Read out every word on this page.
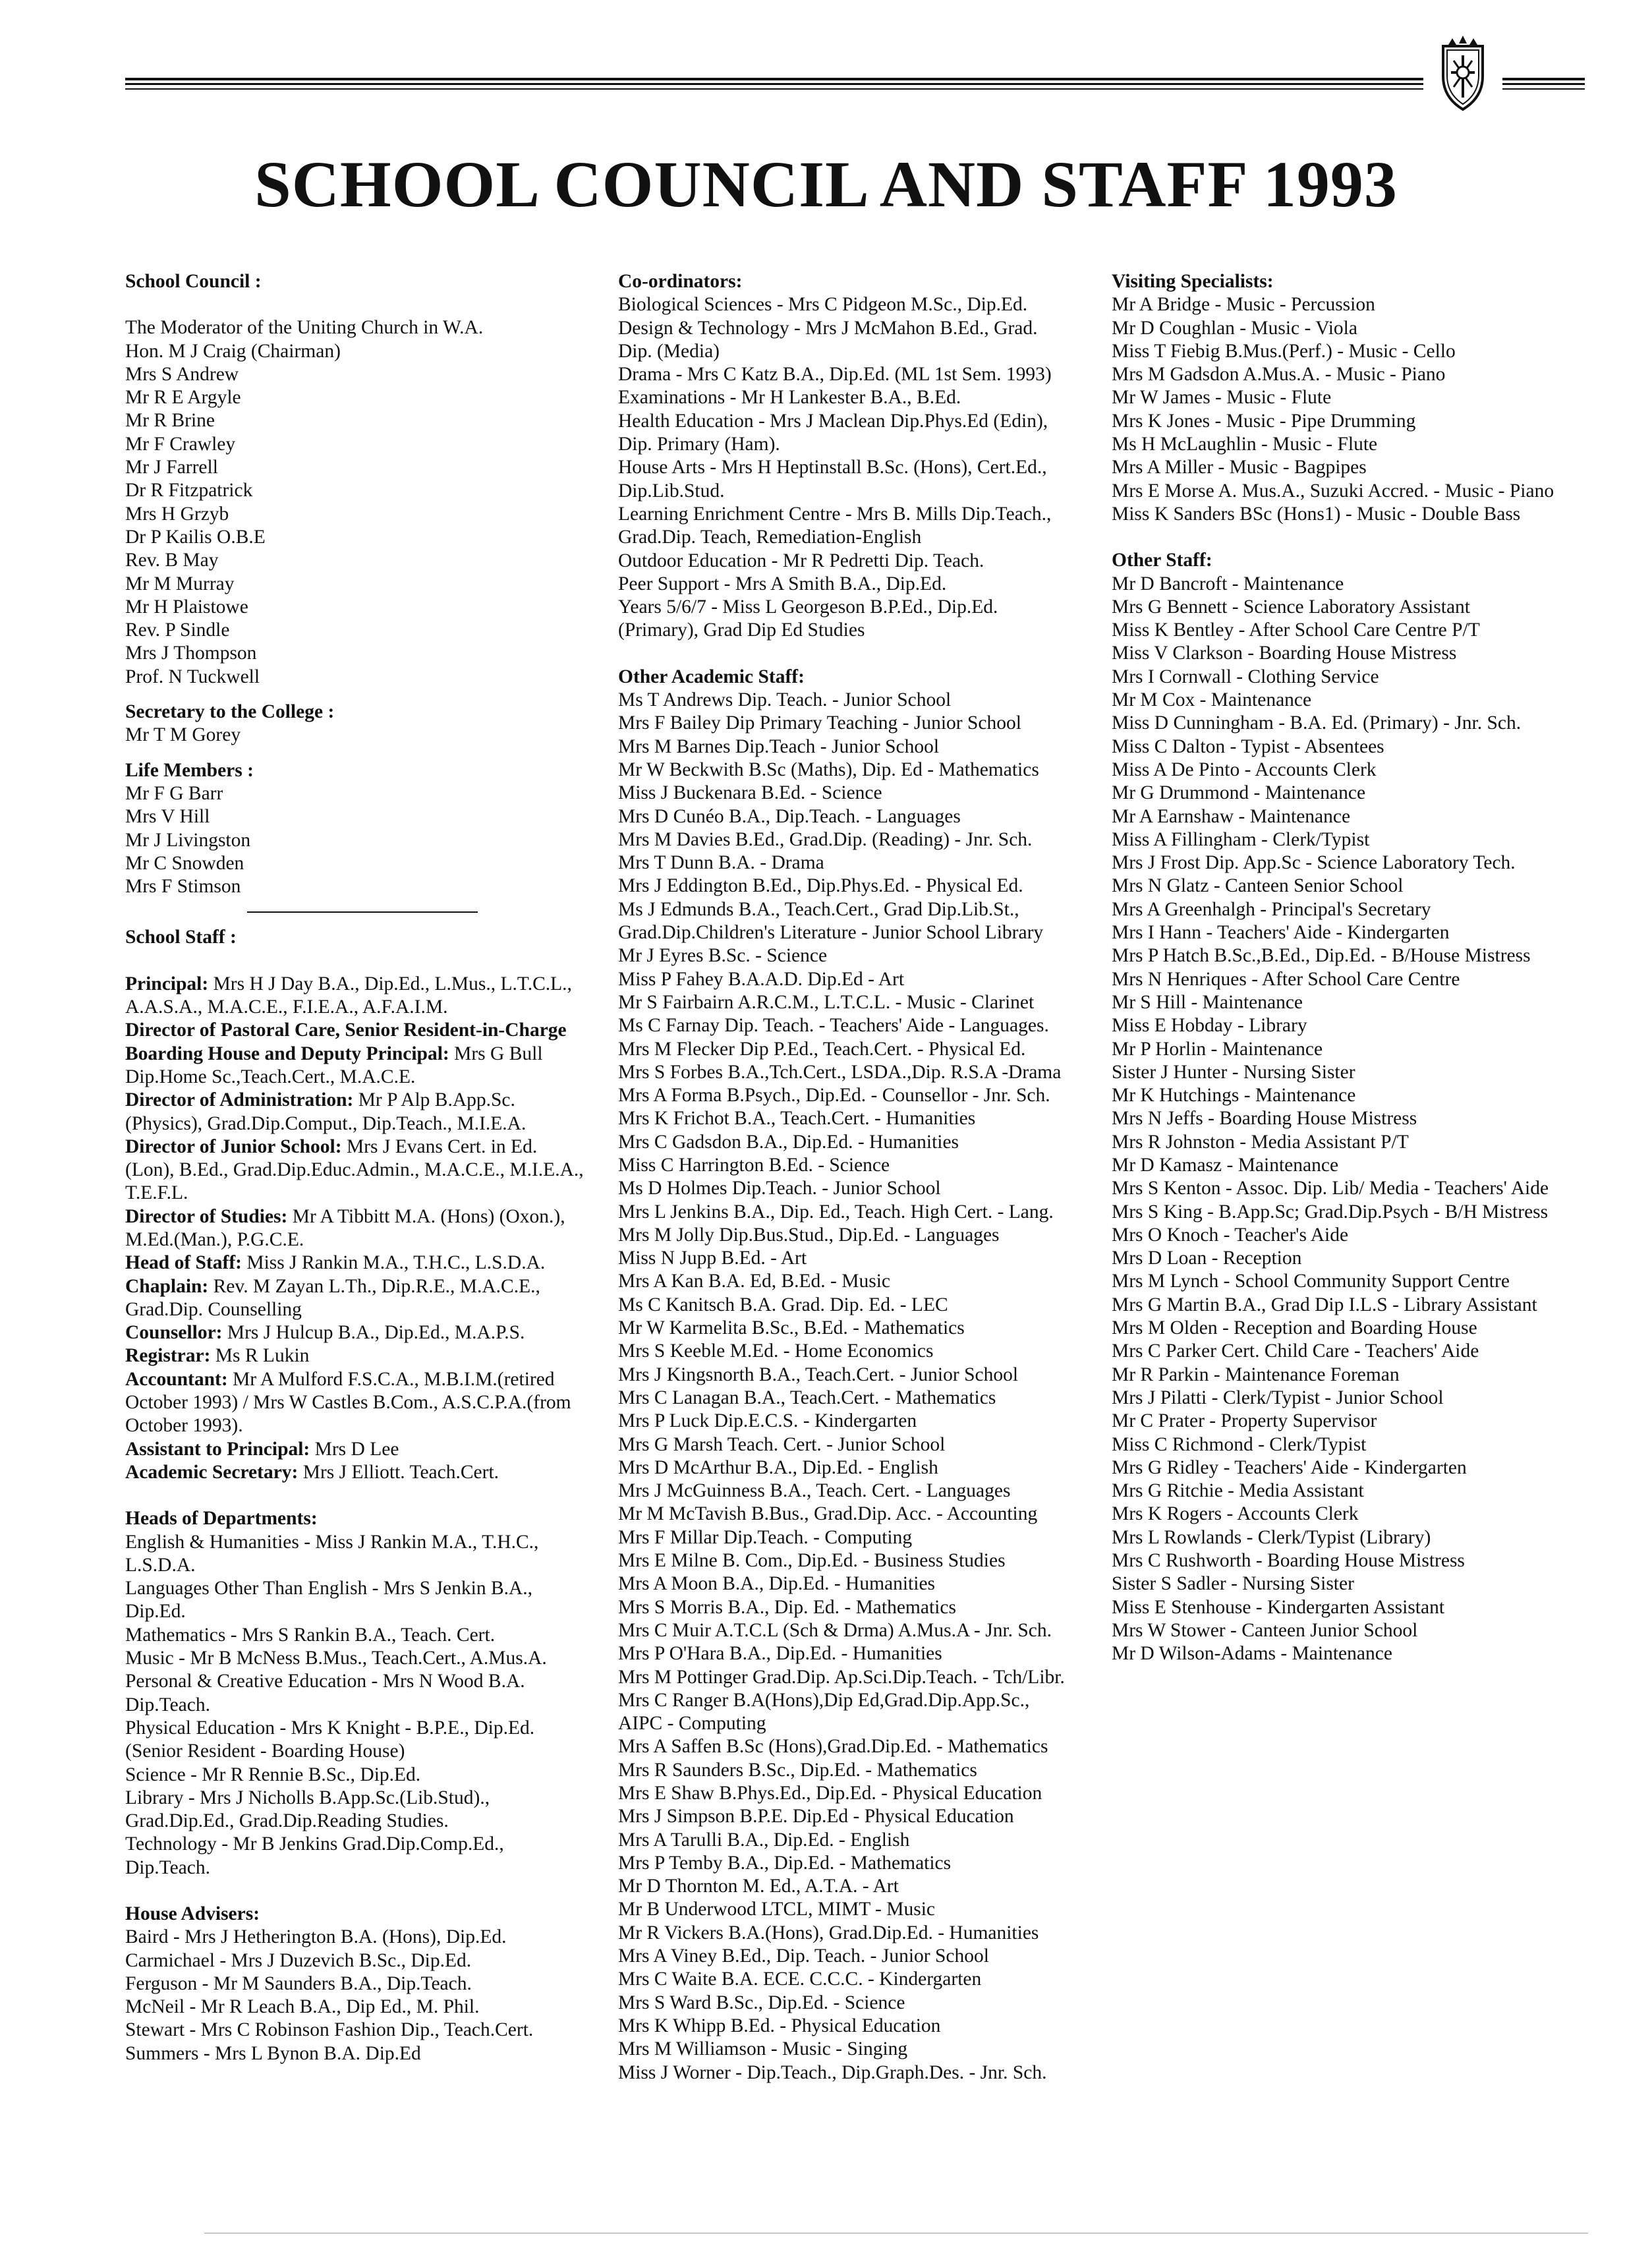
SCHOOL COUNCIL AND STAFF 1993
School Council :
The Moderator of the Uniting Church in W.A.
Hon. M J Craig (Chairman)
Mrs S Andrew
Mr R E Argyle
Mr R Brine
Mr F Crawley
Mr J Farrell
Dr R Fitzpatrick
Mrs H Grzyb
Dr P Kailis O.B.E
Rev. B May
Mr M Murray
Mr H Plaistowe
Rev. P Sindle
Mrs J Thompson
Prof. N Tuckwell
Secretary to the College :
Mr T M Gorey
Life Members :
Mr F G Barr
Mrs V Hill
Mr J Livingston
Mr C Snowden
Mrs F Stimson
School Staff :
Principal: Mrs H J Day B.A., Dip.Ed., L.Mus., L.T.C.L., A.A.S.A., M.A.C.E., F.I.E.A., A.F.A.I.M.
Director of Pastoral Care, Senior Resident-in-Charge Boarding House and Deputy Principal: Mrs G Bull Dip.Home Sc.,Teach.Cert., M.A.C.E.
Director of Administration: Mr P Alp B.App.Sc. (Physics), Grad.Dip.Comput., Dip.Teach., M.I.E.A.
Director of Junior School: Mrs J Evans Cert. in Ed. (Lon), B.Ed., Grad.Dip.Educ.Admin., M.A.C.E., M.I.E.A., T.E.F.L.
Director of Studies: Mr A Tibbitt M.A. (Hons) (Oxon.), M.Ed.(Man.), P.G.C.E.
Head of Staff: Miss J Rankin M.A., T.H.C., L.S.D.A.
Chaplain: Rev. M Zayan L.Th., Dip.R.E., M.A.C.E., Grad.Dip. Counselling
Counsellor: Mrs J Hulcup B.A., Dip.Ed., M.A.P.S.
Registrar: Ms R Lukin
Accountant: Mr A Mulford F.S.C.A., M.B.I.M.(retired October 1993) / Mrs W Castles B.Com., A.S.C.P.A.(from October 1993).
Assistant to Principal: Mrs D Lee
Academic Secretary: Mrs J Elliott. Teach.Cert.
Heads of Departments:
English & Humanities - Miss J Rankin M.A., T.H.C., L.S.D.A.
Languages Other Than English - Mrs S Jenkin B.A., Dip.Ed.
Mathematics - Mrs S Rankin B.A., Teach. Cert.
Music - Mr B McNess B.Mus., Teach.Cert., A.Mus.A.
Personal & Creative Education - Mrs N Wood B.A. Dip.Teach.
Physical Education - Mrs K Knight - B.P.E., Dip.Ed. (Senior Resident - Boarding House)
Science - Mr R Rennie B.Sc., Dip.Ed.
Library - Mrs J Nicholls B.App.Sc.(Lib.Stud)., Grad.Dip.Ed., Grad.Dip.Reading Studies.
Technology - Mr B Jenkins Grad.Dip.Comp.Ed., Dip.Teach.
House Advisers:
Baird - Mrs J Hetherington B.A. (Hons), Dip.Ed.
Carmichael - Mrs J Duzevich B.Sc., Dip.Ed.
Ferguson - Mr M Saunders B.A., Dip.Teach.
McNeil - Mr R Leach B.A., Dip Ed., M. Phil.
Stewart - Mrs C Robinson Fashion Dip., Teach.Cert.
Summers - Mrs L Bynon B.A. Dip.Ed
Co-ordinators:
Biological Sciences - Mrs C Pidgeon M.Sc., Dip.Ed.
Design & Technology - Mrs J McMahon B.Ed., Grad.
Dip. (Media)
Drama - Mrs C Katz B.A., Dip.Ed. (ML 1st Sem. 1993)
Examinations - Mr H Lankester B.A., B.Ed.
Health Education - Mrs J Maclean Dip.Phys.Ed (Edin),
Dip. Primary (Ham).
House Arts - Mrs H Heptinstall B.Sc. (Hons), Cert.Ed.,
Dip.Lib.Stud.
Learning Enrichment Centre - Mrs B. Mills Dip.Teach.,
Grad.Dip. Teach, Remediation-English
Outdoor Education - Mr R Pedretti Dip. Teach.
Peer Support - Mrs A Smith B.A., Dip.Ed.
Years 5/6/7 - Miss L Georgeson B.P.Ed., Dip.Ed.
(Primary), Grad Dip Ed Studies
Other Academic Staff:
Ms T Andrews Dip. Teach. - Junior School
Mrs F Bailey Dip Primary Teaching - Junior School
Mrs M Barnes Dip.Teach - Junior School
Mr W Beckwith B.Sc (Maths), Dip. Ed - Mathematics
Miss J Buckenara B.Ed. - Science
Mrs D Cunéo B.A., Dip.Teach. - Languages
Mrs M Davies B.Ed., Grad.Dip. (Reading) - Jnr. Sch.
Mrs T Dunn B.A. - Drama
Mrs J Eddington B.Ed., Dip.Phys.Ed. - Physical Ed.
Ms J Edmunds B.A., Teach.Cert., Grad Dip.Lib.St.,
Grad.Dip.Children's Literature - Junior School Library
Mr J Eyres B.Sc. - Science
Miss P Fahey B.A.A.D. Dip.Ed - Art
Mr S Fairbairn A.R.C.M., L.T.C.L. - Music - Clarinet
Ms C Farnay Dip. Teach. - Teachers' Aide - Languages.
Mrs M Flecker Dip P.Ed., Teach.Cert. - Physical Ed.
Mrs S Forbes B.A.,Tch.Cert., LSDA.,Dip. R.S.A -Drama
Mrs A Forma B.Psych., Dip.Ed. - Counsellor - Jnr. Sch.
Mrs K Frichot B.A., Teach.Cert. - Humanities
Mrs C Gadsdon B.A., Dip.Ed. - Humanities
Miss C Harrington B.Ed. - Science
Ms D Holmes Dip.Teach. - Junior School
Mrs L Jenkins B.A., Dip. Ed., Teach. High Cert. - Lang.
Mrs M Jolly Dip.Bus.Stud., Dip.Ed. - Languages
Miss N Jupp B.Ed. - Art
Mrs A Kan B.A. Ed, B.Ed. - Music
Ms C Kanitsch B.A. Grad. Dip. Ed. - LEC
Mr W Karmelita B.Sc., B.Ed. - Mathematics
Mrs S Keeble M.Ed. - Home Economics
Mrs J Kingsnorth B.A., Teach.Cert. - Junior School
Mrs C Lanagan B.A., Teach.Cert. - Mathematics
Mrs P Luck Dip.E.C.S. - Kindergarten
Mrs G Marsh Teach. Cert. - Junior School
Mrs D McArthur B.A., Dip.Ed. - English
Mrs J McGuinness B.A., Teach. Cert. - Languages
Mr M McTavish B.Bus., Grad.Dip. Acc. - Accounting
Mrs F Millar Dip.Teach. - Computing
Mrs E Milne B. Com., Dip.Ed. - Business Studies
Mrs A Moon B.A., Dip.Ed. - Humanities
Mrs S Morris B.A., Dip. Ed. - Mathematics
Mrs C Muir A.T.C.L (Sch & Drma) A.Mus.A - Jnr. Sch.
Mrs P O'Hara B.A., Dip.Ed. - Humanities
Mrs M Pottinger Grad.Dip. Ap.Sci.Dip.Teach. - Tch/Libr.
Mrs C Ranger B.A(Hons),Dip Ed,Grad.Dip.App.Sc.,
AIPC - Computing
Mrs A Saffen B.Sc (Hons),Grad.Dip.Ed. - Mathematics
Mrs R Saunders B.Sc., Dip.Ed. - Mathematics
Mrs E Shaw B.Phys.Ed., Dip.Ed. - Physical Education
Mrs J Simpson B.P.E. Dip.Ed - Physical Education
Mrs A Tarulli B.A., Dip.Ed. - English
Mrs P Temby B.A., Dip.Ed. - Mathematics
Mr D Thornton M. Ed., A.T.A. - Art
Mr B Underwood LTCL, MIMT - Music
Mr R Vickers B.A.(Hons), Grad.Dip.Ed. - Humanities
Mrs A Viney B.Ed., Dip. Teach. - Junior School
Mrs C Waite B.A. ECE. C.C.C. - Kindergarten
Mrs S Ward B.Sc., Dip.Ed. - Science
Mrs K Whipp B.Ed. - Physical Education
Mrs M Williamson - Music - Singing
Miss J Worner - Dip.Teach., Dip.Graph.Des. - Jnr. Sch.
Visiting Specialists:
Mr A Bridge - Music - Percussion
Mr D Coughlan - Music - Viola
Miss T Fiebig B.Mus.(Perf.) - Music - Cello
Mrs M Gadsdon A.Mus.A. - Music - Piano
Mr W James - Music - Flute
Mrs K Jones - Music - Pipe Drumming
Ms H McLaughlin - Music - Flute
Mrs A Miller - Music - Bagpipes
Mrs E Morse A. Mus.A., Suzuki Accred. - Music - Piano
Miss K Sanders BSc (Hons1) - Music - Double Bass
Other Staff:
Mr D Bancroft - Maintenance
Mrs G Bennett - Science Laboratory Assistant
Miss K Bentley - After School Care Centre P/T
Miss V Clarkson - Boarding House Mistress
Mrs I Cornwall - Clothing Service
Mr M Cox - Maintenance
Miss D Cunningham - B.A. Ed. (Primary) - Jnr. Sch.
Miss C Dalton - Typist - Absentees
Miss A De Pinto - Accounts Clerk
Mr G Drummond - Maintenance
Mr A Earnshaw - Maintenance
Miss A Fillingham - Clerk/Typist
Mrs J Frost Dip. App.Sc - Science Laboratory Tech.
Mrs N Glatz - Canteen Senior School
Mrs A Greenhalgh - Principal's Secretary
Mrs I Hann - Teachers' Aide - Kindergarten
Mrs P Hatch B.Sc.,B.Ed., Dip.Ed. - B/House Mistress
Mrs N Henriques - After School Care Centre
Mr S Hill - Maintenance
Miss E Hobday - Library
Mr P Horlin - Maintenance
Sister J Hunter - Nursing Sister
Mr K Hutchings - Maintenance
Mrs N Jeffs - Boarding House Mistress
Mrs R Johnston - Media Assistant P/T
Mr D Kamasz - Maintenance
Mrs S Kenton - Assoc. Dip. Lib/ Media - Teachers' Aide
Mrs S King - B.App.Sc; Grad.Dip.Psych - B/H Mistress
Mrs O Knoch - Teacher's Aide
Mrs D Loan - Reception
Mrs M Lynch - School Community Support Centre
Mrs G Martin B.A., Grad Dip I.L.S - Library Assistant
Mrs M Olden - Reception and Boarding House
Mrs C Parker Cert. Child Care - Teachers' Aide
Mr R Parkin - Maintenance Foreman
Mrs J Pilatti - Clerk/Typist - Junior School
Mr C Prater - Property Supervisor
Miss C Richmond - Clerk/Typist
Mrs G Ridley - Teachers' Aide - Kindergarten
Mrs G Ritchie - Media Assistant
Mrs K Rogers - Accounts Clerk
Mrs L Rowlands - Clerk/Typist (Library)
Mrs C Rushworth - Boarding House Mistress
Sister S Sadler - Nursing Sister
Miss E Stenhouse - Kindergarten Assistant
Mrs W Stower - Canteen Junior School
Mr D Wilson-Adams - Maintenance
